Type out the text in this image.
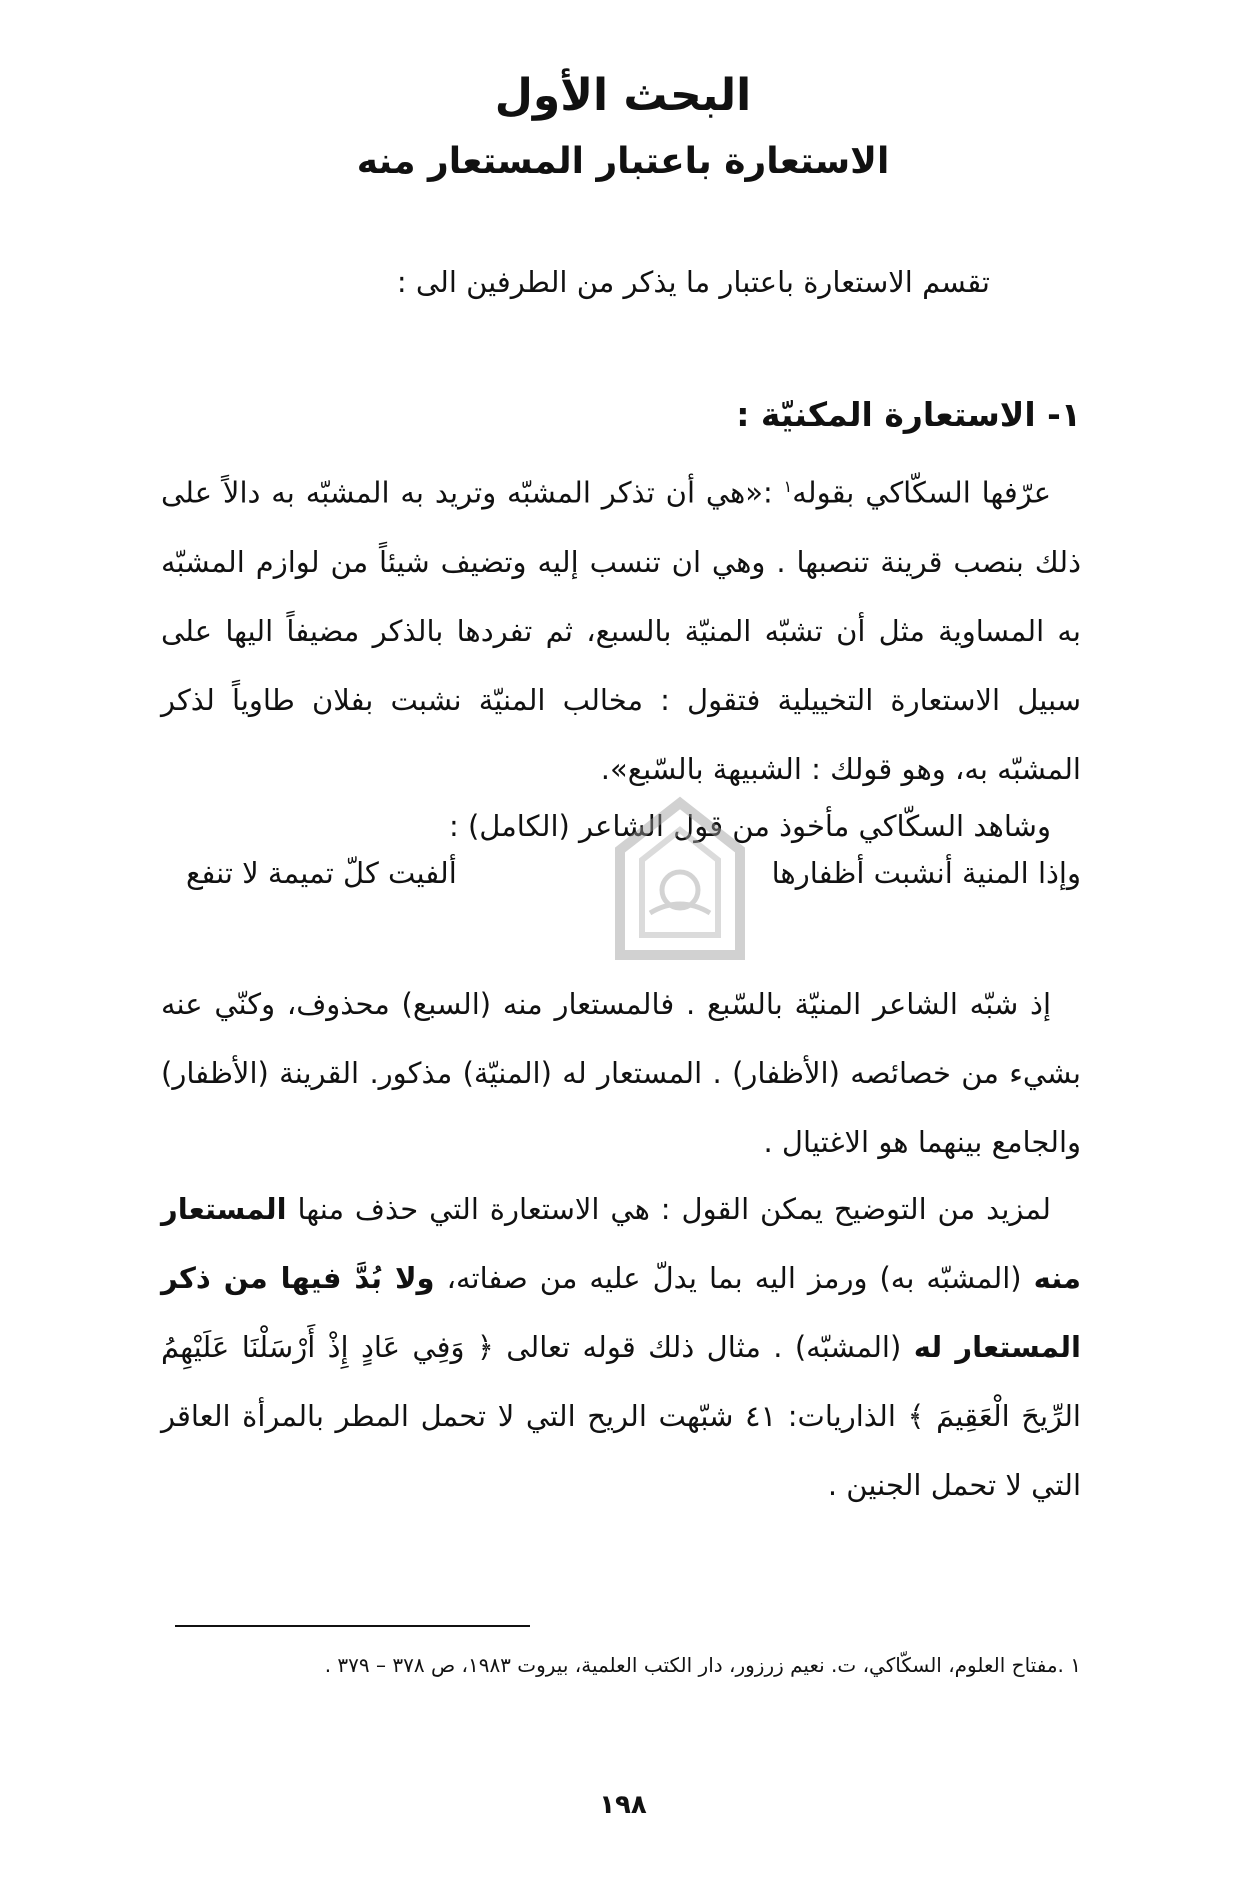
البحث الأول
الاستعارة باعتبار المستعار منه
تقسم الاستعارة باعتبار ما يذكر من الطرفين الى :
١- الاستعارة المكنيّة :
عرّفها السكّاكي بقوله$^١$ :«هي أن تذكر المشبّه وتريد به المشبّه به دالاً على ذلك بنصب قرينة تنصبها . وهي ان تنسب إليه وتضيف شيئاً من لوازم المشبّه به المساوية مثل أن تشبّه المنيّة بالسبع، ثم تفردها بالذكر مضيفاً اليها على سبيل الاستعارة التخييلية فتقول : مخالب المنيّة نشبت بفلان طاوياً لذكر المشبّه به، وهو قولك : الشبيهة بالسّبع».
وشاهد السكّاكي مأخوذ من قول الشاعر (الكامل) :
وإذا المنية أنشبت أظفارها
ألفيت كلّ تميمة لا تنفع
إذ شبّه الشاعر المنيّة بالسّبع . فالمستعار منه (السبع) محذوف، وكنّي عنه بشيء من خصائصه (الأظفار) . المستعار له (المنيّة) مذكور. القرينة (الأظفار) والجامع بينهما هو الاغتيال .
لمزيد من التوضيح يمكن القول : هي الاستعارة التي حذف منها المستعار منه (المشبّه به) ورمز اليه بما يدلّ عليه من صفاته، ولا بُدَّ فيها من ذكر المستعار له (المشبّه) . مثال ذلك قوله تعالى ﴿ وَفِي عَادٍ إِذْ أَرْسَلْنَا عَلَيْهِمُ الرِّيحَ الْعَقِيمَ ﴾ الذاريات: ٤١ شبّهت الريح التي لا تحمل المطر بالمرأة العاقر التي لا تحمل الجنين .
١ .مفتاح العلوم، السكّاكي، ت. نعيم زرزور، دار الكتب العلمية، بيروت ١٩٨٣، ص ٣٧٨ – ٣٧٩ .
١٩٨
